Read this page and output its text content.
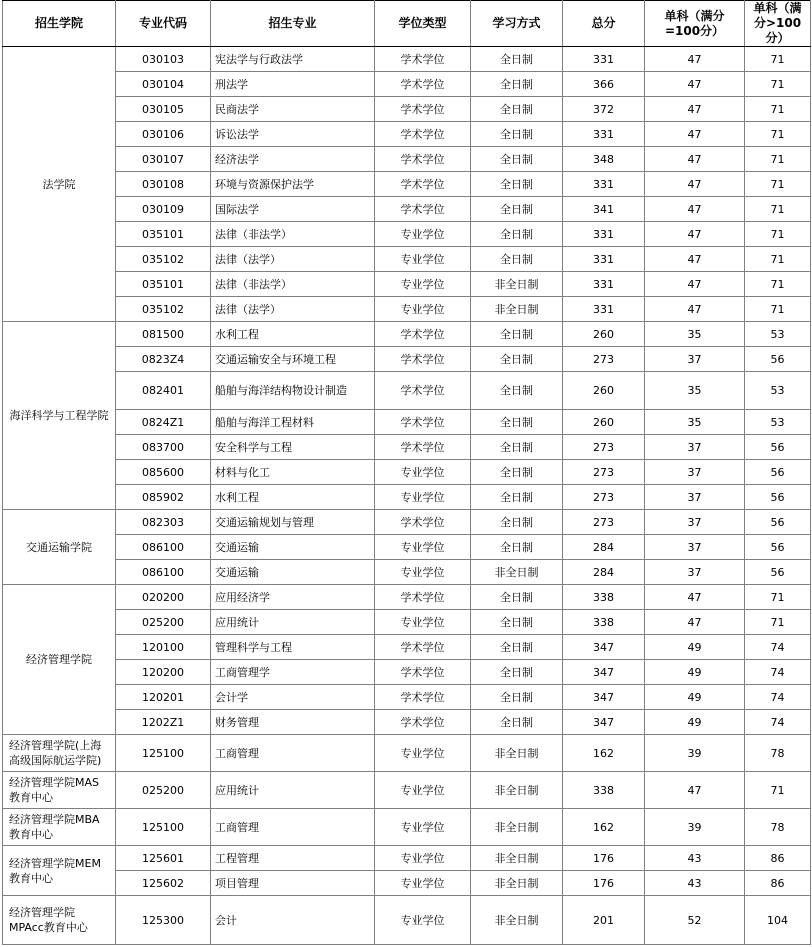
招生学院	专业代码	招生专业	学位类型	学习方式	总分	单科（满分=100分）	单科（满分>100分）
法学院	030103	宪法学与行政法学	学术学位	全日制	331	47	71
	030104	刑法学	学术学位	全日制	366	47	71
	030105	民商法学	学术学位	全日制	372	47	71
	030106	诉讼法学	学术学位	全日制	331	47	71
	030107	经济法学	学术学位	全日制	348	47	71
	030108	环境与资源保护法学	学术学位	全日制	331	47	71
	030109	国际法学	学术学位	全日制	341	47	71
	035101	法律（非法学）	专业学位	全日制	331	47	71
	035102	法律（法学）	专业学位	全日制	331	47	71
	035101	法律（非法学）	专业学位	非全日制	331	47	71
	035102	法律（法学）	专业学位	非全日制	331	47	71
海洋科学与工程学院	081500	水利工程	学术学位	全日制	260	35	53
	0823Z4	交通运输安全与环境工程	学术学位	全日制	273	37	56
	082401	船舶与海洋结构物设计制造	学术学位	全日制	260	35	53
	0824Z1	船舶与海洋工程材料	学术学位	全日制	260	35	53
	083700	安全科学与工程	学术学位	全日制	273	37	56
	085600	材料与化工	专业学位	全日制	273	37	56
	085902	水利工程	专业学位	全日制	273	37	56
交通运输学院	082303	交通运输规划与管理	学术学位	全日制	273	37	56
	086100	交通运输	专业学位	全日制	284	37	56
	086100	交通运输	专业学位	非全日制	284	37	56
经济管理学院	020200	应用经济学	学术学位	全日制	338	47	71
	025200	应用统计	专业学位	全日制	338	47	71
	120100	管理科学与工程	学术学位	全日制	347	49	74
	120200	工商管理学	学术学位	全日制	347	49	74
	120201	会计学	学术学位	全日制	347	49	74
	1202Z1	财务管理	学术学位	全日制	347	49	74
经济管理学院(上海高级国际航运学院)	125100	工商管理	专业学位	非全日制	162	39	78
经济管理学院MAS教育中心	025200	应用统计	专业学位	非全日制	338	47	71
经济管理学院MBA教育中心	125100	工商管理	专业学位	非全日制	162	39	78
经济管理学院MEM教育中心	125601	工程管理	专业学位	非全日制	176	43	86
	125602	项目管理	专业学位	非全日制	176	43	86
经济管理学院MPAcc教育中心	125300	会计	专业学位	非全日制	201	52	104
